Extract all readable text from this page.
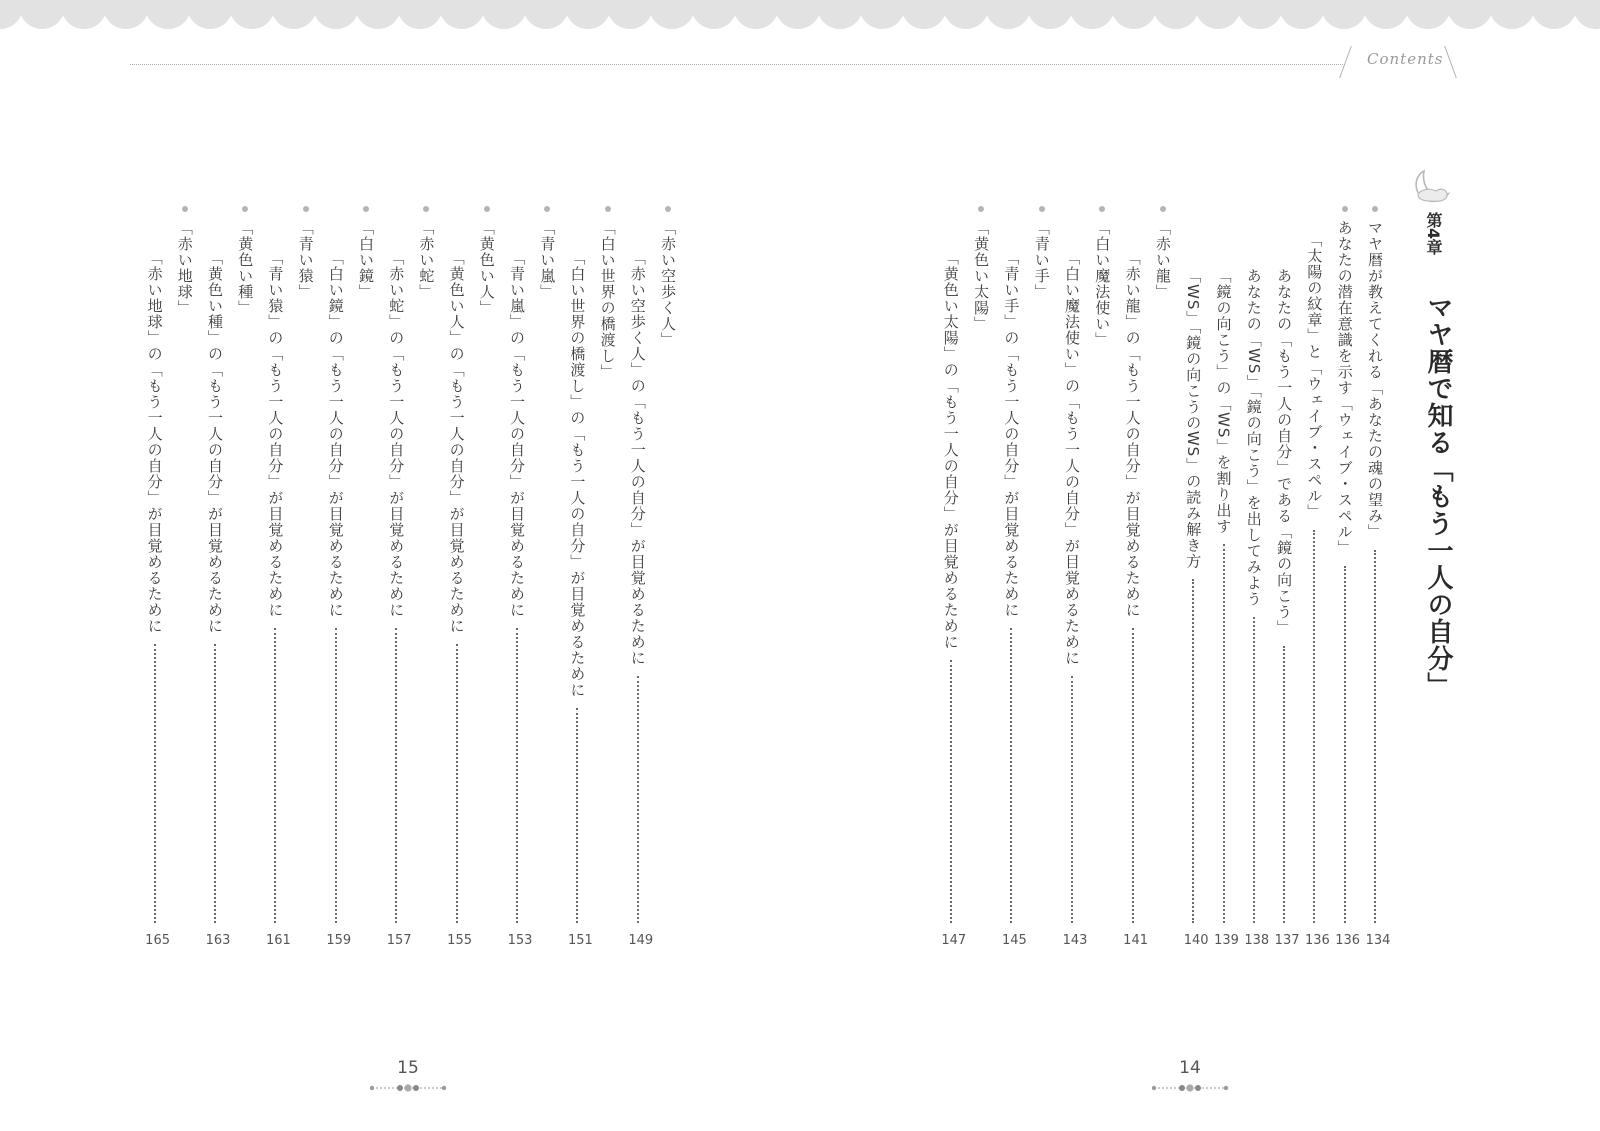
Contents
第4章
マヤ暦で知る「もう一人の自分」
マヤ暦が教えてくれる「あなたの魂の望み」
134
あなたの潜在意識を示す「ウェイブ・スペル」
136
「太陽の紋章」と「ウェイブ・スペル」
136
あなたの「もう一人の自分」である「鏡の向こう」
137
あなたの「WS」「鏡の向こう」を出してみよう
138
「鏡の向こう」の「WS」を割り出す
139
「WS」「鏡の向こうのWS」の読み解き方
140
「赤い龍」
「赤い龍」の「もう一人の自分」が目覚めるために
141
「白い魔法使い」
「白い魔法使い」の「もう一人の自分」が目覚めるために
143
「青い手」
「青い手」の「もう一人の自分」が目覚めるために
145
「黄色い太陽」
「黄色い太陽」の「もう一人の自分」が目覚めるために
147
「赤い空歩く人」
「赤い空歩く人」の「もう一人の自分」が目覚めるために
149
「白い世界の橋渡し」
「白い世界の橋渡し」の「もう一人の自分」が目覚めるために
151
「青い嵐」
「青い嵐」の「もう一人の自分」が目覚めるために
153
「黄色い人」
「黄色い人」の「もう一人の自分」が目覚めるために
155
「赤い蛇」
「赤い蛇」の「もう一人の自分」が目覚めるために
157
「白い鏡」
「白い鏡」の「もう一人の自分」が目覚めるために
159
「青い猿」
「青い猿」の「もう一人の自分」が目覚めるために
161
「黄色い種」
「黄色い種」の「もう一人の自分」が目覚めるために
163
「赤い地球」
「赤い地球」の「もう一人の自分」が目覚めるために
165
14
15
